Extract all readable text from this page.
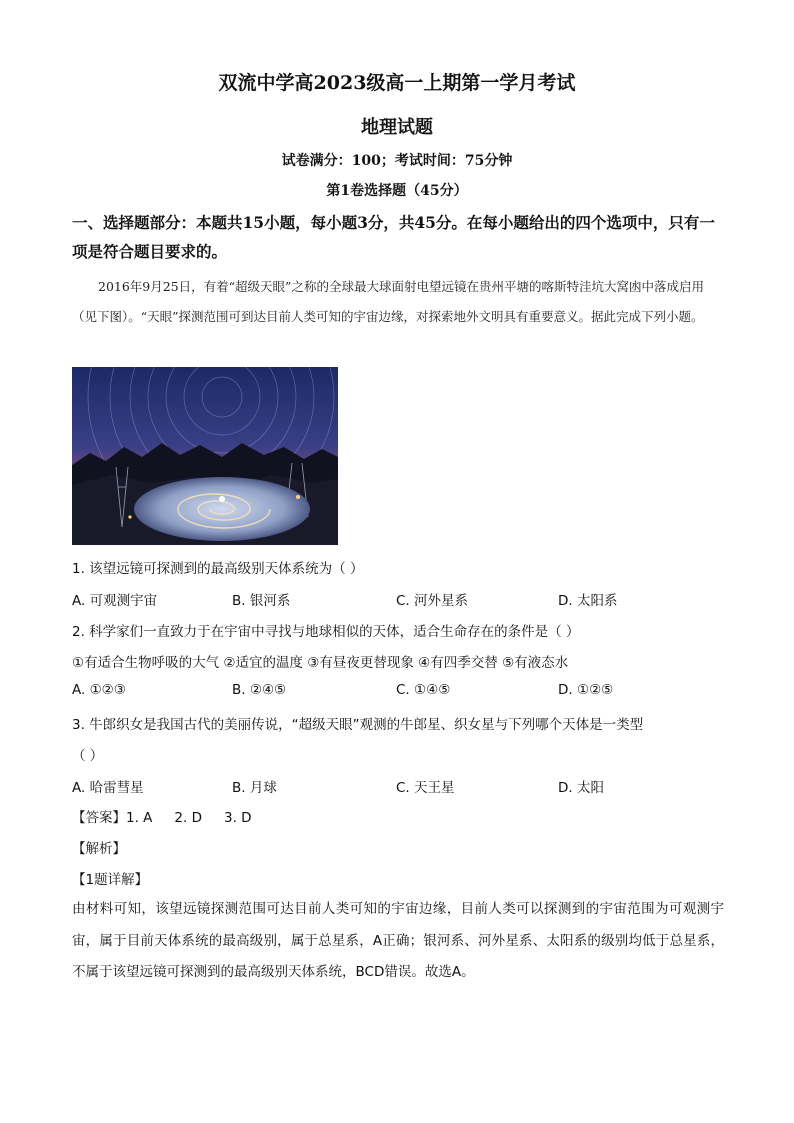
双流中学高2023级高一上期第一学月考试
地理试题
试卷满分：100；考试时间：75分钟
第1卷选择题（45分）
一、选择题部分：本题共15小题，每小题3分，共45分。在每小题给出的四个选项中，只有一项是符合题目要求的。
2016年9月25日，有着“超级天眼”之称的全球最大球面射电望远镜在贵州平塘的喀斯特洼坑大窝凼中落成启用（见下图）。“天眼”探测范围可到达目前人类可知的宇宙边缘，对探索地外文明具有重要意义。据此完成下列小题。
1. 该望远镜可探测到的最高级别天体系统为（ ）
A. 可观测宇宙	B. 银河系	C. 河外星系	D. 太阳系
2. 科学家们一直致力于在宇宙中寻找与地球相似的天体，适合生命存在的条件是（ ）
①有适合生物呼吸的大气 ②适宜的温度 ③有昼夜更替现象 ④有四季交替 ⑤有液态水
A. ①②③	B. ②④⑤	C. ①④⑤	D. ①②⑤
3. 牛郎织女是我国古代的美丽传说，“超级天眼”观测的牛郎星、织女星与下列哪个天体是一类型
（ ）
A. 哈雷彗星	B. 月球	C. 天王星	D. 太阳
【答案】1. A 2. D 3. D
【解析】
【1题详解】
由材料可知，该望远镜探测范围可达目前人类可知的宇宙边缘，目前人类可以探测到的宇宙范围为可观测宇宙，属于目前天体系统的最高级别，属于总星系，A正确；银河系、河外星系、太阳系的级别均低于总星系，不属于该望远镜可探测到的最高级别天体系统，BCD错误。故选A。
